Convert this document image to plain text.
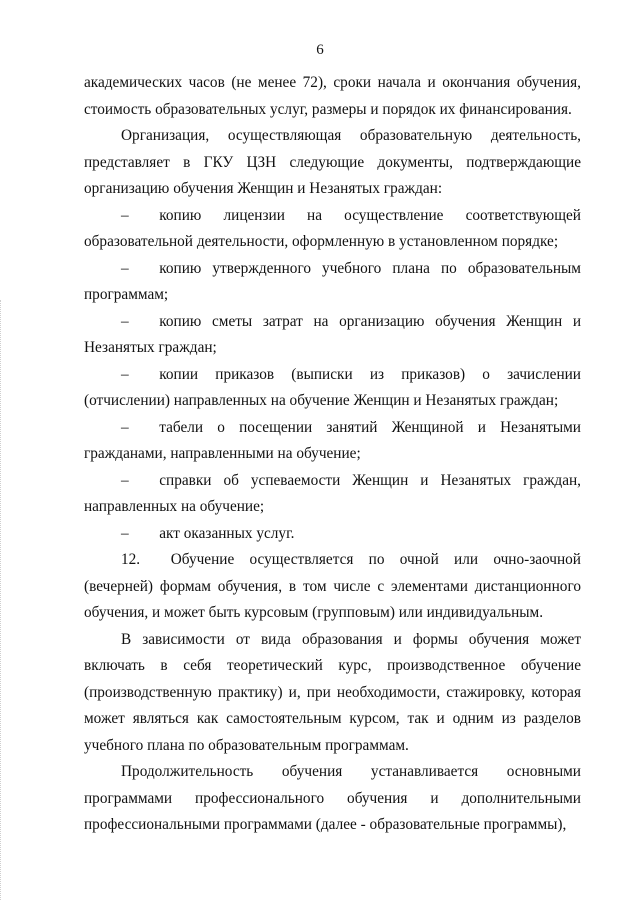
6

академических часов (не менее 72), сроки начала и окончания обучения, стоимость образовательных услуг, размеры и порядок их финансирования.

Организация, осуществляющая образовательную деятельность, представляет в ГКУ ЦЗН следующие документы, подтверждающие организацию обучения Женщин и Незанятых граждан:

–  копию лицензии на осуществление соответствующей образовательной деятельности, оформленную в установленном порядке;

–  копию утвержденного учебного плана по образовательным программам;

–  копию сметы затрат на организацию обучения Женщин и Незанятых граждан;

–  копии приказов (выписки из приказов) о зачислении (отчислении) направленных на обучение Женщин и Незанятых граждан;

–  табели о посещении занятий Женщиной и Незанятыми гражданами, направленными на обучение;

–  справки об успеваемости Женщин и Незанятых граждан, направленных на обучение;

–  акт оказанных услуг.

12.  Обучение осуществляется по очной или очно-заочной (вечерней) формам обучения, в том числе с элементами дистанционного обучения, и может быть курсовым (групповым) или индивидуальным.

В зависимости от вида образования и формы обучения может включать в себя теоретический курс, производственное обучение (производственную практику) и, при необходимости, стажировку, которая может являться как самостоятельным курсом, так и одним из разделов учебного плана по образовательным программам.

Продолжительность обучения устанавливается основными программами профессионального обучения и дополнительными профессиональными программами (далее - образовательные программы),
